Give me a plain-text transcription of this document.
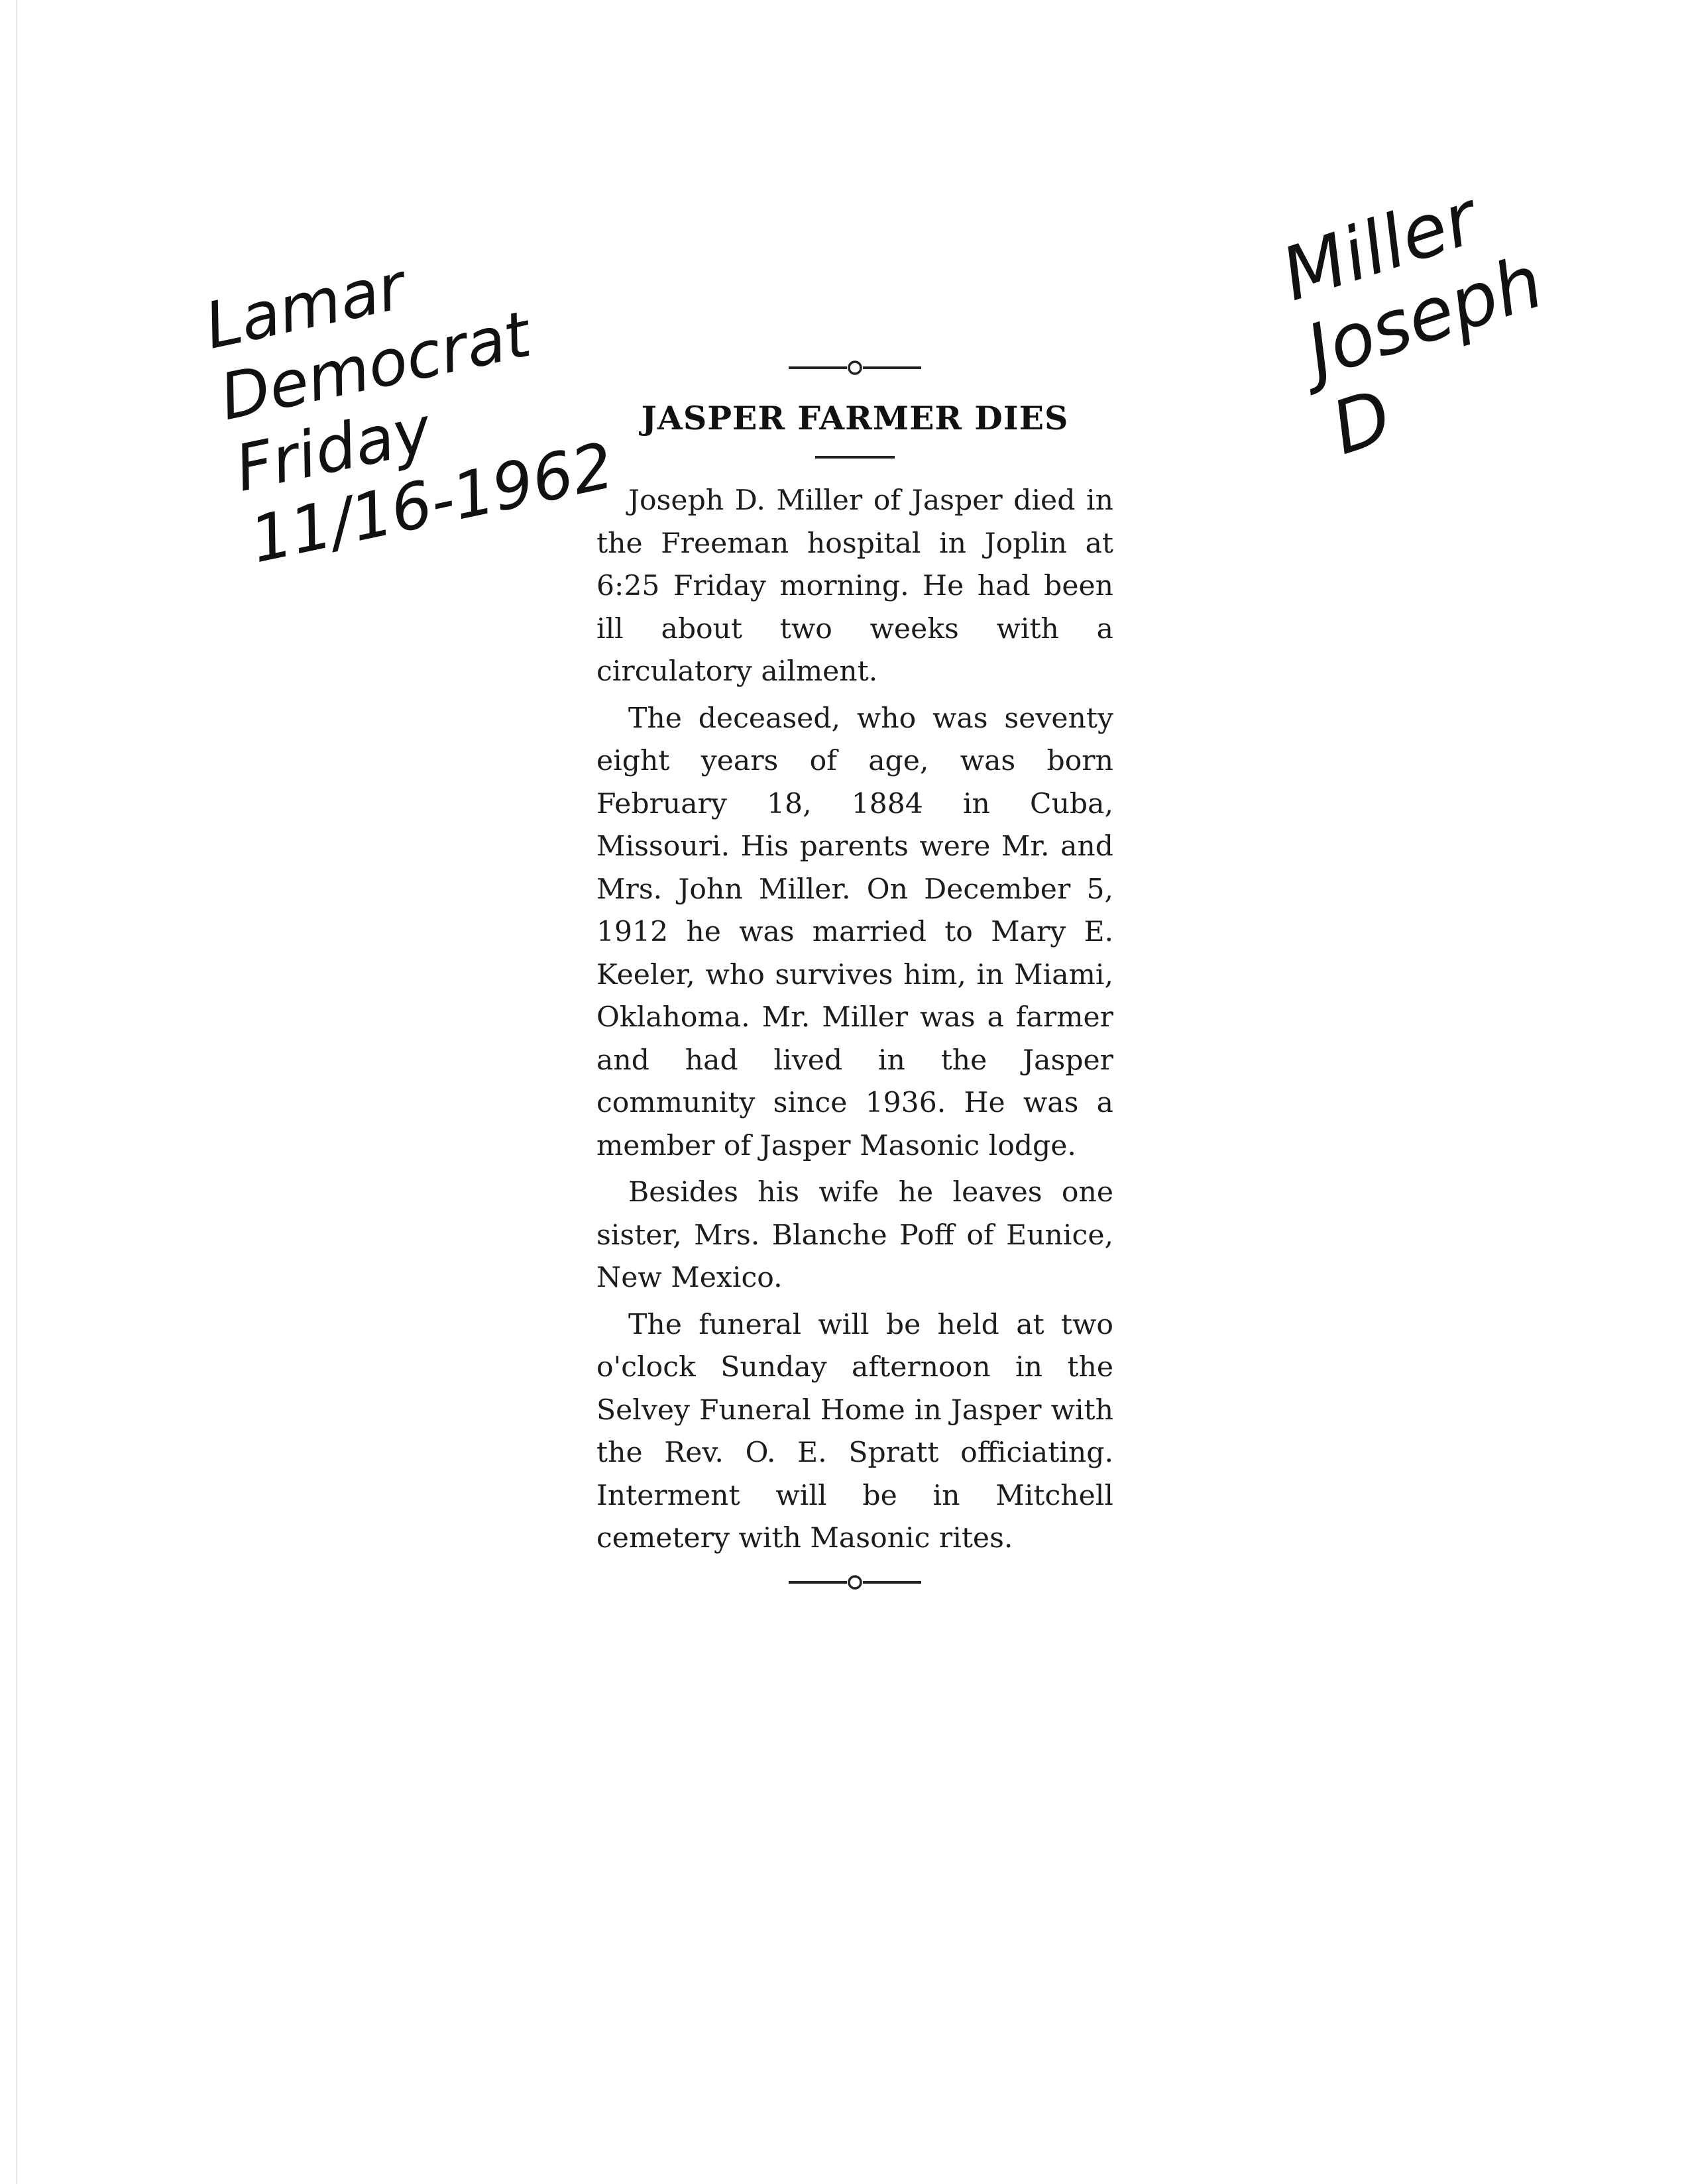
Lamar
Democrat
Friday
11/16-1962
Miller
Joseph
D
JASPER FARMER DIES

Joseph D. Miller of Jasper died in the Freeman hospital in Joplin at 6:25 Friday morning. He had been ill about two weeks with a circulatory ailment.

The deceased, who was seventy eight years of age, was born February 18, 1884 in Cuba, Missouri. His parents were Mr. and Mrs. John Miller. On December 5, 1912 he was married to Mary E. Keeler, who survives him, in Miami, Oklahoma. Mr. Miller was a farmer and had lived in the Jasper community since 1936. He was a member of Jasper Masonic lodge.

Besides his wife he leaves one sister, Mrs. Blanche Poff of Eunice, New Mexico.

The funeral will be held at two o'clock Sunday afternoon in the Selvey Funeral Home in Jasper with the Rev. O. E. Spratt officiating. Interment will be in Mitchell cemetery with Masonic rites.
